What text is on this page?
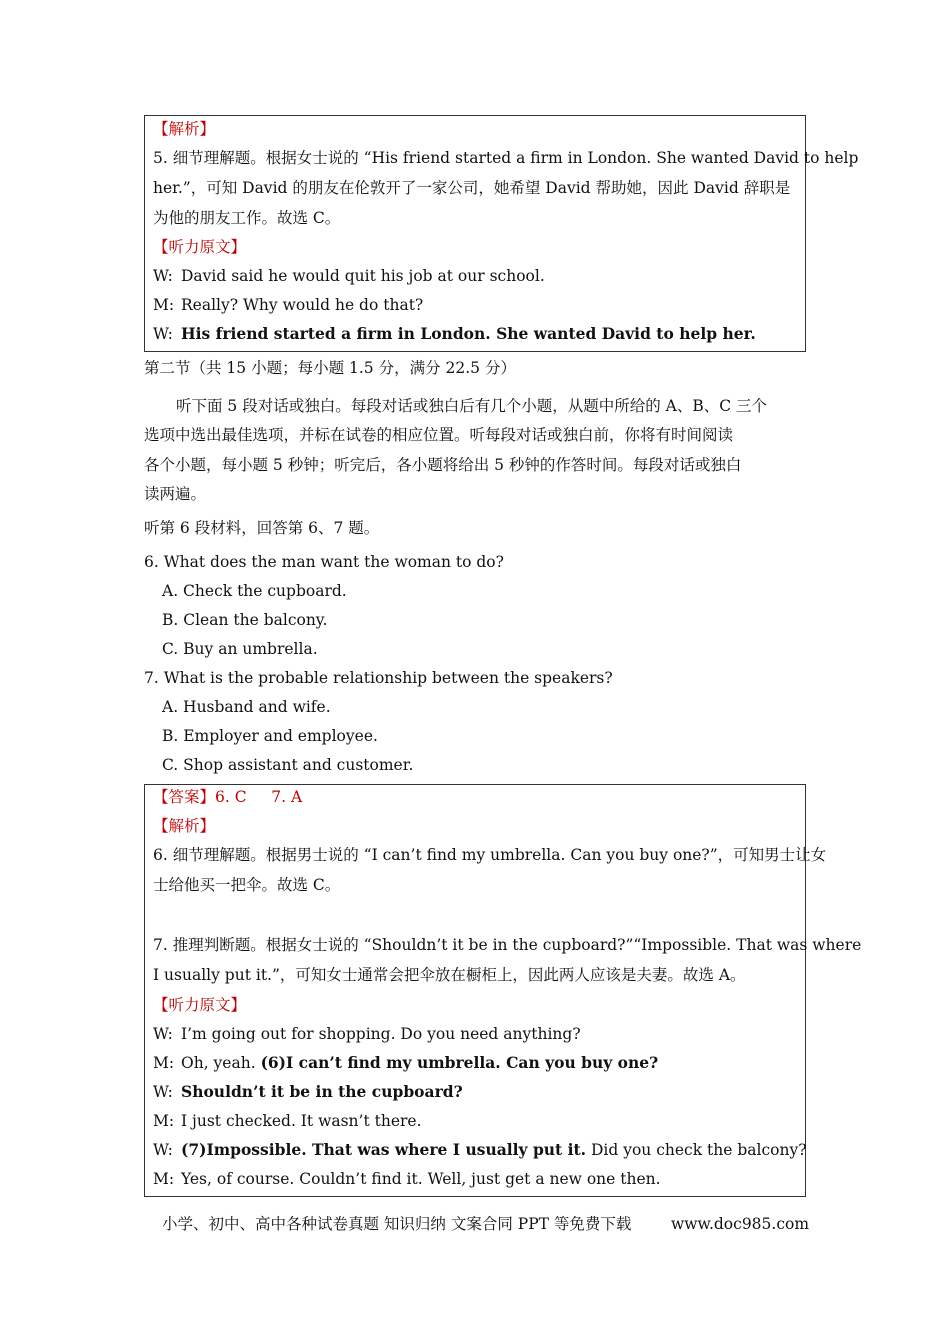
【 解析 】
5. 细节理解题。根据女士说的 “His friend started a firm in London. She wanted David to help
her.”，可知 David 的朋友在伦敦开了一家公司，她希望 David 帮助她，因此 David 辞职是
为他的朋友工作。故选 C。
【 听力原文 】
W: David said he would quit his job at our school.
M: Really? Why would he do that?
W: His friend started a firm in London. She wanted David to help her.
第二节（共 15 小题；每小题 1.5 分，满分 22.5 分）
听下面 5 段对话或独白。每段对话或独白后有几个小题，从题中所给的 A、B、C 三个
选项中选出最佳选项，并标在试卷的相应位置。听每段对话或独白前，你将有时间阅读
各个小题，每小题 5 秒钟；听完后，各小题将给出 5 秒钟的作答时间。每段对话或独白
读两遍。
听第 6 段材料，回答第 6、7 题。
6. What does the man want the woman to do?
A. Check the cupboard.
B. Clean the balcony.
C. Buy an umbrella.
7. What is the probable relationship between the speakers?
A. Husband and wife.
B. Employer and employee.
C. Shop assistant and customer.
【 答案 】 6. C     7. A
【 解析 】
6. 细节理解题。根据男士说的 “I can’t find my umbrella. Can you buy one?”，可知男士让女
士给他买一把伞。故选 C。
7. 推理判断题。根据女士说的 “Shouldn’t it be in the cupboard?”“Impossible. That was where
I usually put it.”，可知女士通常会把伞放在橱柜上，因此两人应该是夫妻。故选 A。
【 听力原文 】
W: I’m going out for shopping. Do you need anything?
M: Oh, yeah. (6)I can’t find my umbrella. Can you buy one?
W: Shouldn’t it be in the cupboard?
M: I just checked. It wasn’t there.
W: (7)Impossible. That was where I usually put it. Did you check the balcony?
M: Yes, of course. Couldn’t find it. Well, just get a new one then.
小学、初中、高中各种试卷真题 知识归纳 文案合同 PPT 等免费下载	www.doc985.com
